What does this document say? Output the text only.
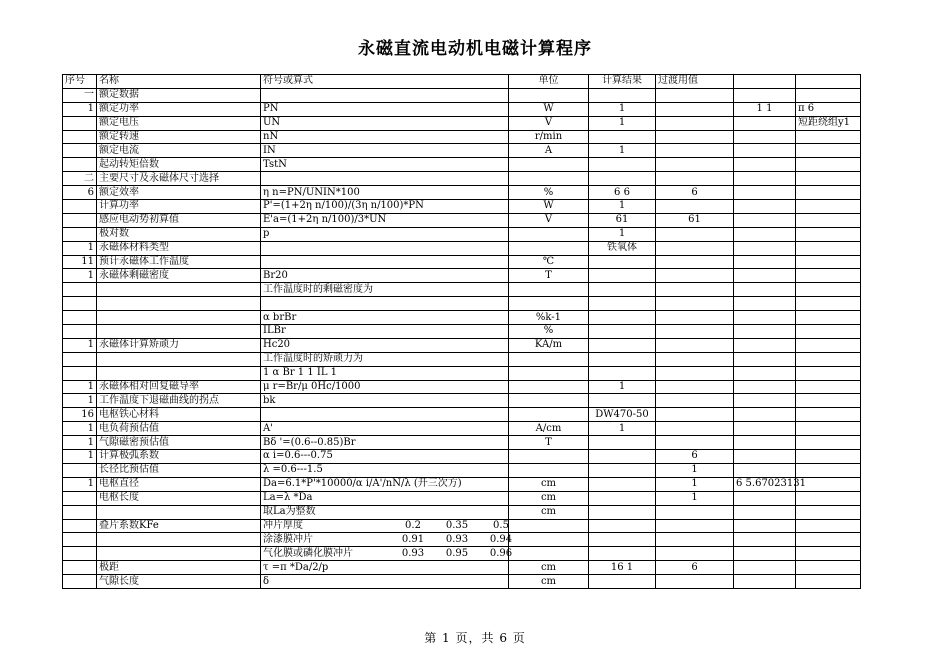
永磁直流电动机电磁计算程序
序号	名称	符号或算式	单位	计算结果	过渡用值		
一	额定数据						
1	额定功率	PN	W	1		1 1	π 6
	额定电压	UN	V	1			短距绕组y1
	额定转速	nN	r/min				
	额定电流	IN	A	1			
	起动转矩倍数	TstN					
二	主要尺寸及永磁体尺寸选择						
6	额定效率	η n=PN/UNIN*100	%	6 6	6		
	计算功率	P'=(1+2η n/100)/(3η n/100)*PN	W	1			
	感应电动势初算值	E'a=(1+2η n/100)/3*UN	V	61	61		
	极对数	p		1			
1	永磁体材料类型			铁氧体			
11	预计永磁体工作温度		℃				
1	永磁体剩磁密度	Br20	T				
		工作温度时的剩磁密度为					

		α brBr	%k-1				
		ILBr	%				
1	永磁体计算矫顽力	Hc20	KA/m				
		工作温度时的矫顽力为					
		1 α Br 1 1 IL 1					
1	永磁体相对回复磁导率	μ r=Br/μ 0Hc/1000		1			
1	工作温度下退磁曲线的拐点	bk					
16	电枢铁心材料			DW470-50			
1	电负荷预估值	A'	A/cm	1			
1	气隙磁密预估值	Bδ '=(0.6--0.85)Br	T				
1	计算极弧系数	α i=0.6---0.75			6		
	长径比预估值	λ =0.6---1.5			1		
1	电枢直径	Da=6.1*P'*10000/α i/A'/nN/λ (开三次方)	cm		1	6 5.67023131	
	电枢长度	La=λ *Da	cm		1		
		取La为整数	cm				
	叠片系数KFe	冲片厚度 0.2 0.35 0.5					
		涂漆膜冲片 0.91 0.93 0.94					
		气化膜或磷化膜冲片 0.93 0.95 0.96					
	极距	τ =π *Da/2/p	cm	16 1	6		
	气隙长度	δ	cm				
第 1 页，共 6 页
